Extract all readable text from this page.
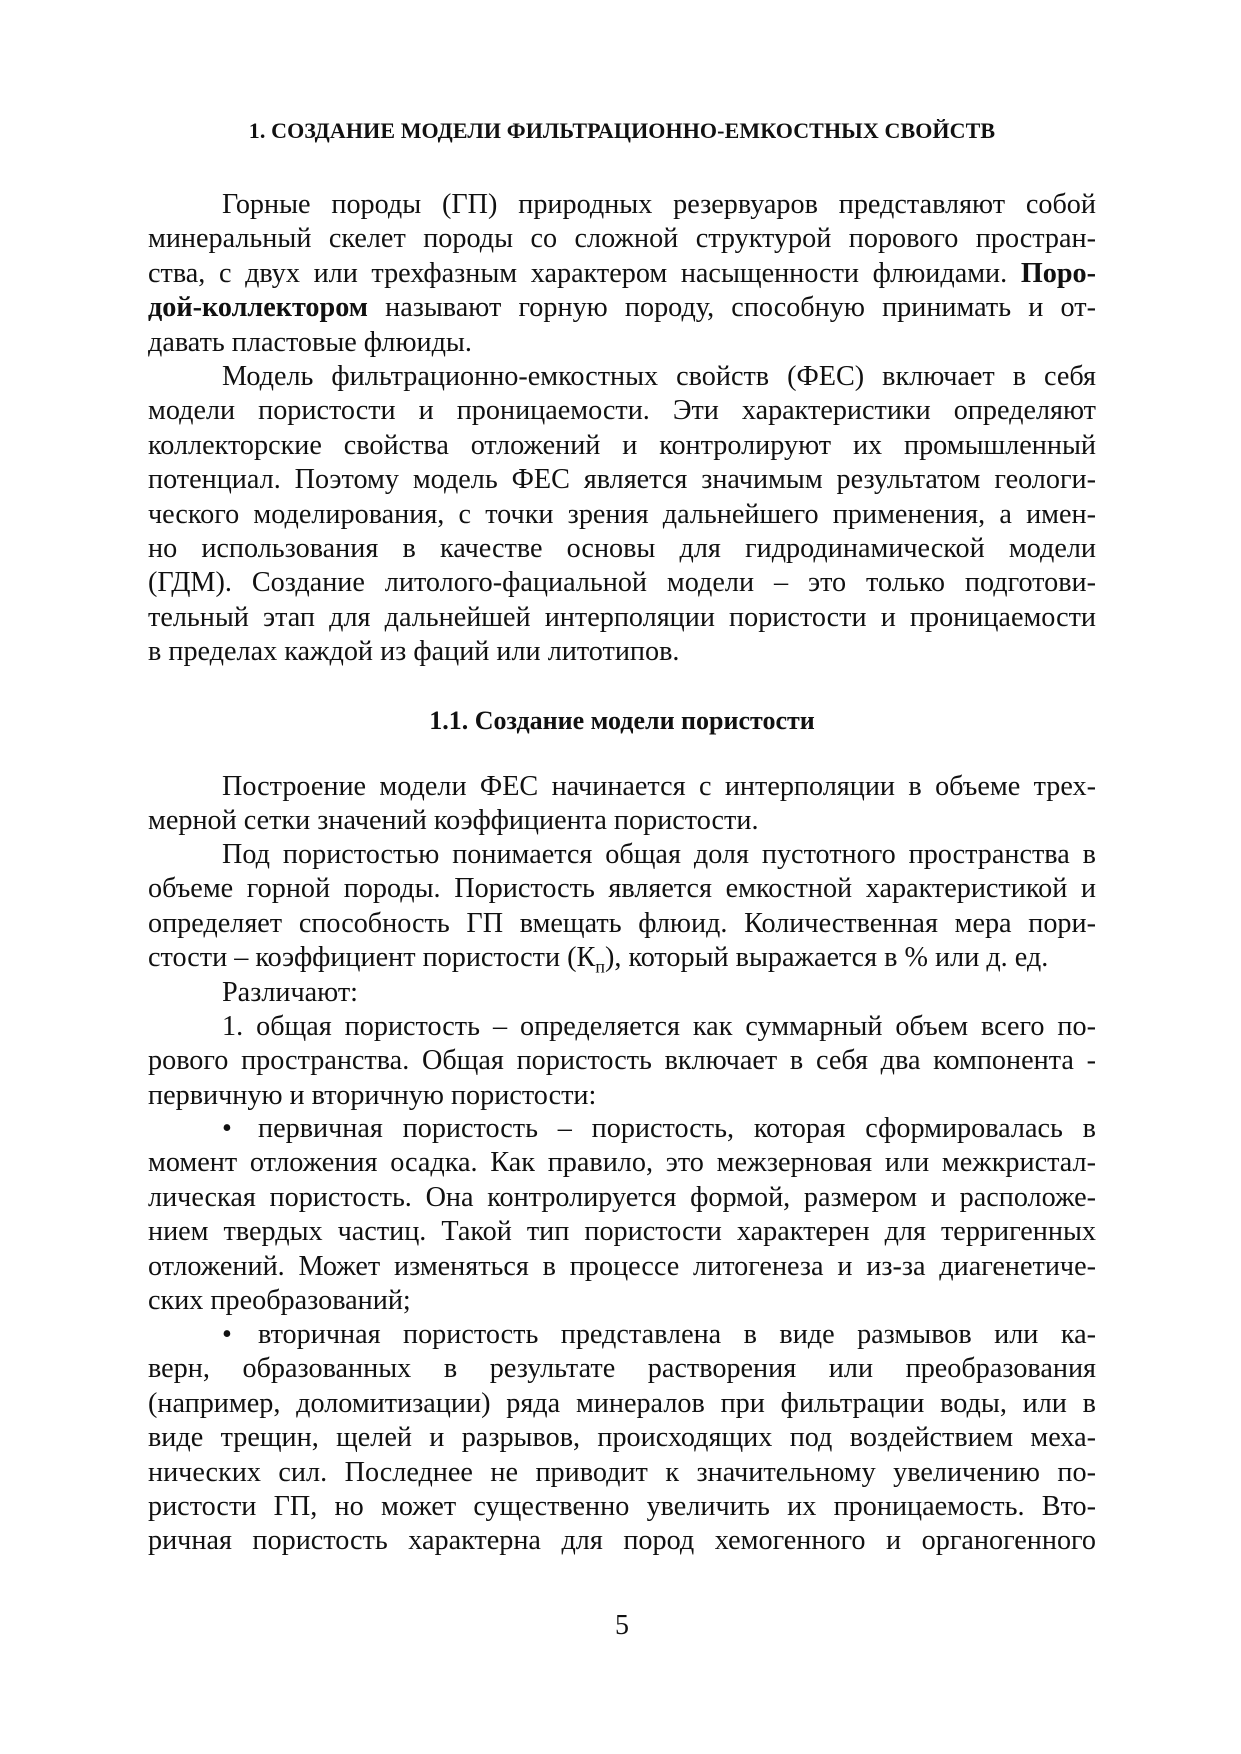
1. СОЗДАНИЕ МОДЕЛИ ФИЛЬТРАЦИОННО-ЕМКОСТНЫХ СВОЙСТВ
Горные породы (ГП) природных резервуаров представляют собой
минеральный скелет породы со сложной структурой порового простран-
ства, с двух или трехфазным характером насыщенности флюидами. Поро-
дой-коллектором называют горную породу, способную принимать и от-
давать пластовые флюиды.
Модель фильтрационно-емкостных свойств (ФЕС) включает в себя
модели пористости и проницаемости. Эти характеристики определяют
коллекторские свойства отложений и контролируют их промышленный
потенциал. Поэтому модель ФЕС является значимым результатом геологи-
ческого моделирования, с точки зрения дальнейшего применения, а имен-
но использования в качестве основы для гидродинамической модели
(ГДМ). Создание литолого-фациальной модели – это только подготови-
тельный этап для дальнейшей интерполяции пористости и проницаемости
в пределах каждой из фаций или литотипов.
1.1. Создание модели пористости
Построение модели ФЕС начинается с интерполяции в объеме трех-
мерной сетки значений коэффициента пористости.
Под пористостью понимается общая доля пустотного пространства в
объеме горной породы. Пористость является емкостной характеристикой и
определяет способность ГП вмещать флюид. Количественная мера пори-
стости – коэффициент пористости $(К_п)$, который выражается в % или д. ед.
Различают:
1. общая пористость – определяется как суммарный объем всего по-
рового пространства. Общая пористость включает в себя два компонента -
первичную и вторичную пористости:
• первичная пористость – пористость, которая сформировалась в
момент отложения осадка. Как правило, это межзерновая или межкристал-
лическая пористость. Она контролируется формой, размером и расположе-
нием твердых частиц. Такой тип пористости характерен для терригенных
отложений. Может изменяться в процессе литогенеза и из-за диагенетиче-
ских преобразований;
• вторичная пористость представлена в виде размывов или ка-
верн, образованных в результате растворения или преобразования
(например, доломитизации) ряда минералов при фильтрации воды, или в
виде трещин, щелей и разрывов, происходящих под воздействием меха-
нических сил. Последнее не приводит к значительному увеличению по-
ристости ГП, но может существенно увеличить их проницаемость. Вто-
ричная пористость характерна для пород хемогенного и органогенного
5
